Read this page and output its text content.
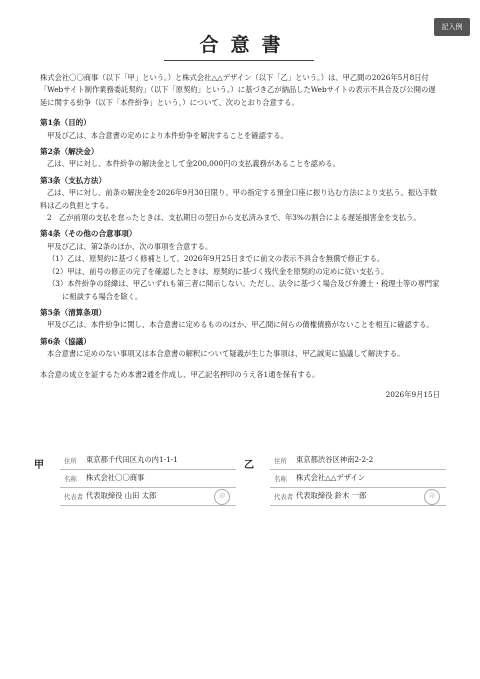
記入例
合意書
株式会社〇〇商事（以下「甲」という。）と株式会社△△デザイン（以下「乙」という。）は、甲乙間の2026年5月8日付「Webサイト制作業務委託契約」（以下「原契約」という。）に基づき乙が納品したWebサイトの表示不具合及び公開の遅延に関する紛争（以下「本件紛争」という。）について、次のとおり合意する。
第1条（目的）
甲及び乙は、本合意書の定めにより本件紛争を解決することを確認する。
第2条（解決金）
乙は、甲に対し、本件紛争の解決金として金200,000円の支払義務があることを認める。
第3条（支払方法）
乙は、甲に対し、前条の解決金を2026年9月30日限り、甲の指定する預金口座に振り込む方法により支払う。振込手数料は乙の負担とする。
2　乙が前項の支払を怠ったときは、支払期日の翌日から支払済みまで、年3%の割合による遅延損害金を支払う。
第4条（その他の合意事項）
甲及び乙は、第2条のほか、次の事項を合意する。
（1）乙は、原契約に基づく修補として、2026年9月25日までに前文の表示不具合を無償で修正する。
（2）甲は、前号の修正の完了を確認したときは、原契約に基づく残代金を原契約の定めに従い支払う。
（3）本件紛争の経緯は、甲乙いずれも第三者に開示しない。ただし、法令に基づく場合及び弁護士・税理士等の専門家に相談する場合を除く。
第5条（清算条項）
甲及び乙は、本件紛争に関し、本合意書に定めるもののほか、甲乙間に何らの債権債務がないことを相互に確認する。
第6条（協議）
本合意書に定めのない事項又は本合意書の解釈について疑義が生じた事項は、甲乙誠実に協議して解決する。
本合意の成立を証するため本書2通を作成し、甲乙記名押印のうえ各1通を保有する。
2026年9月15日
甲	住所 東京都千代田区丸の内1-1-1
名称 株式会社〇〇商事
代表者 代表取締役 山田 太郎	印
乙	住所 東京都渋谷区神南2-2-2
名称 株式会社△△デザイン
代表者 代表取締役 鈴木 一郎	印
